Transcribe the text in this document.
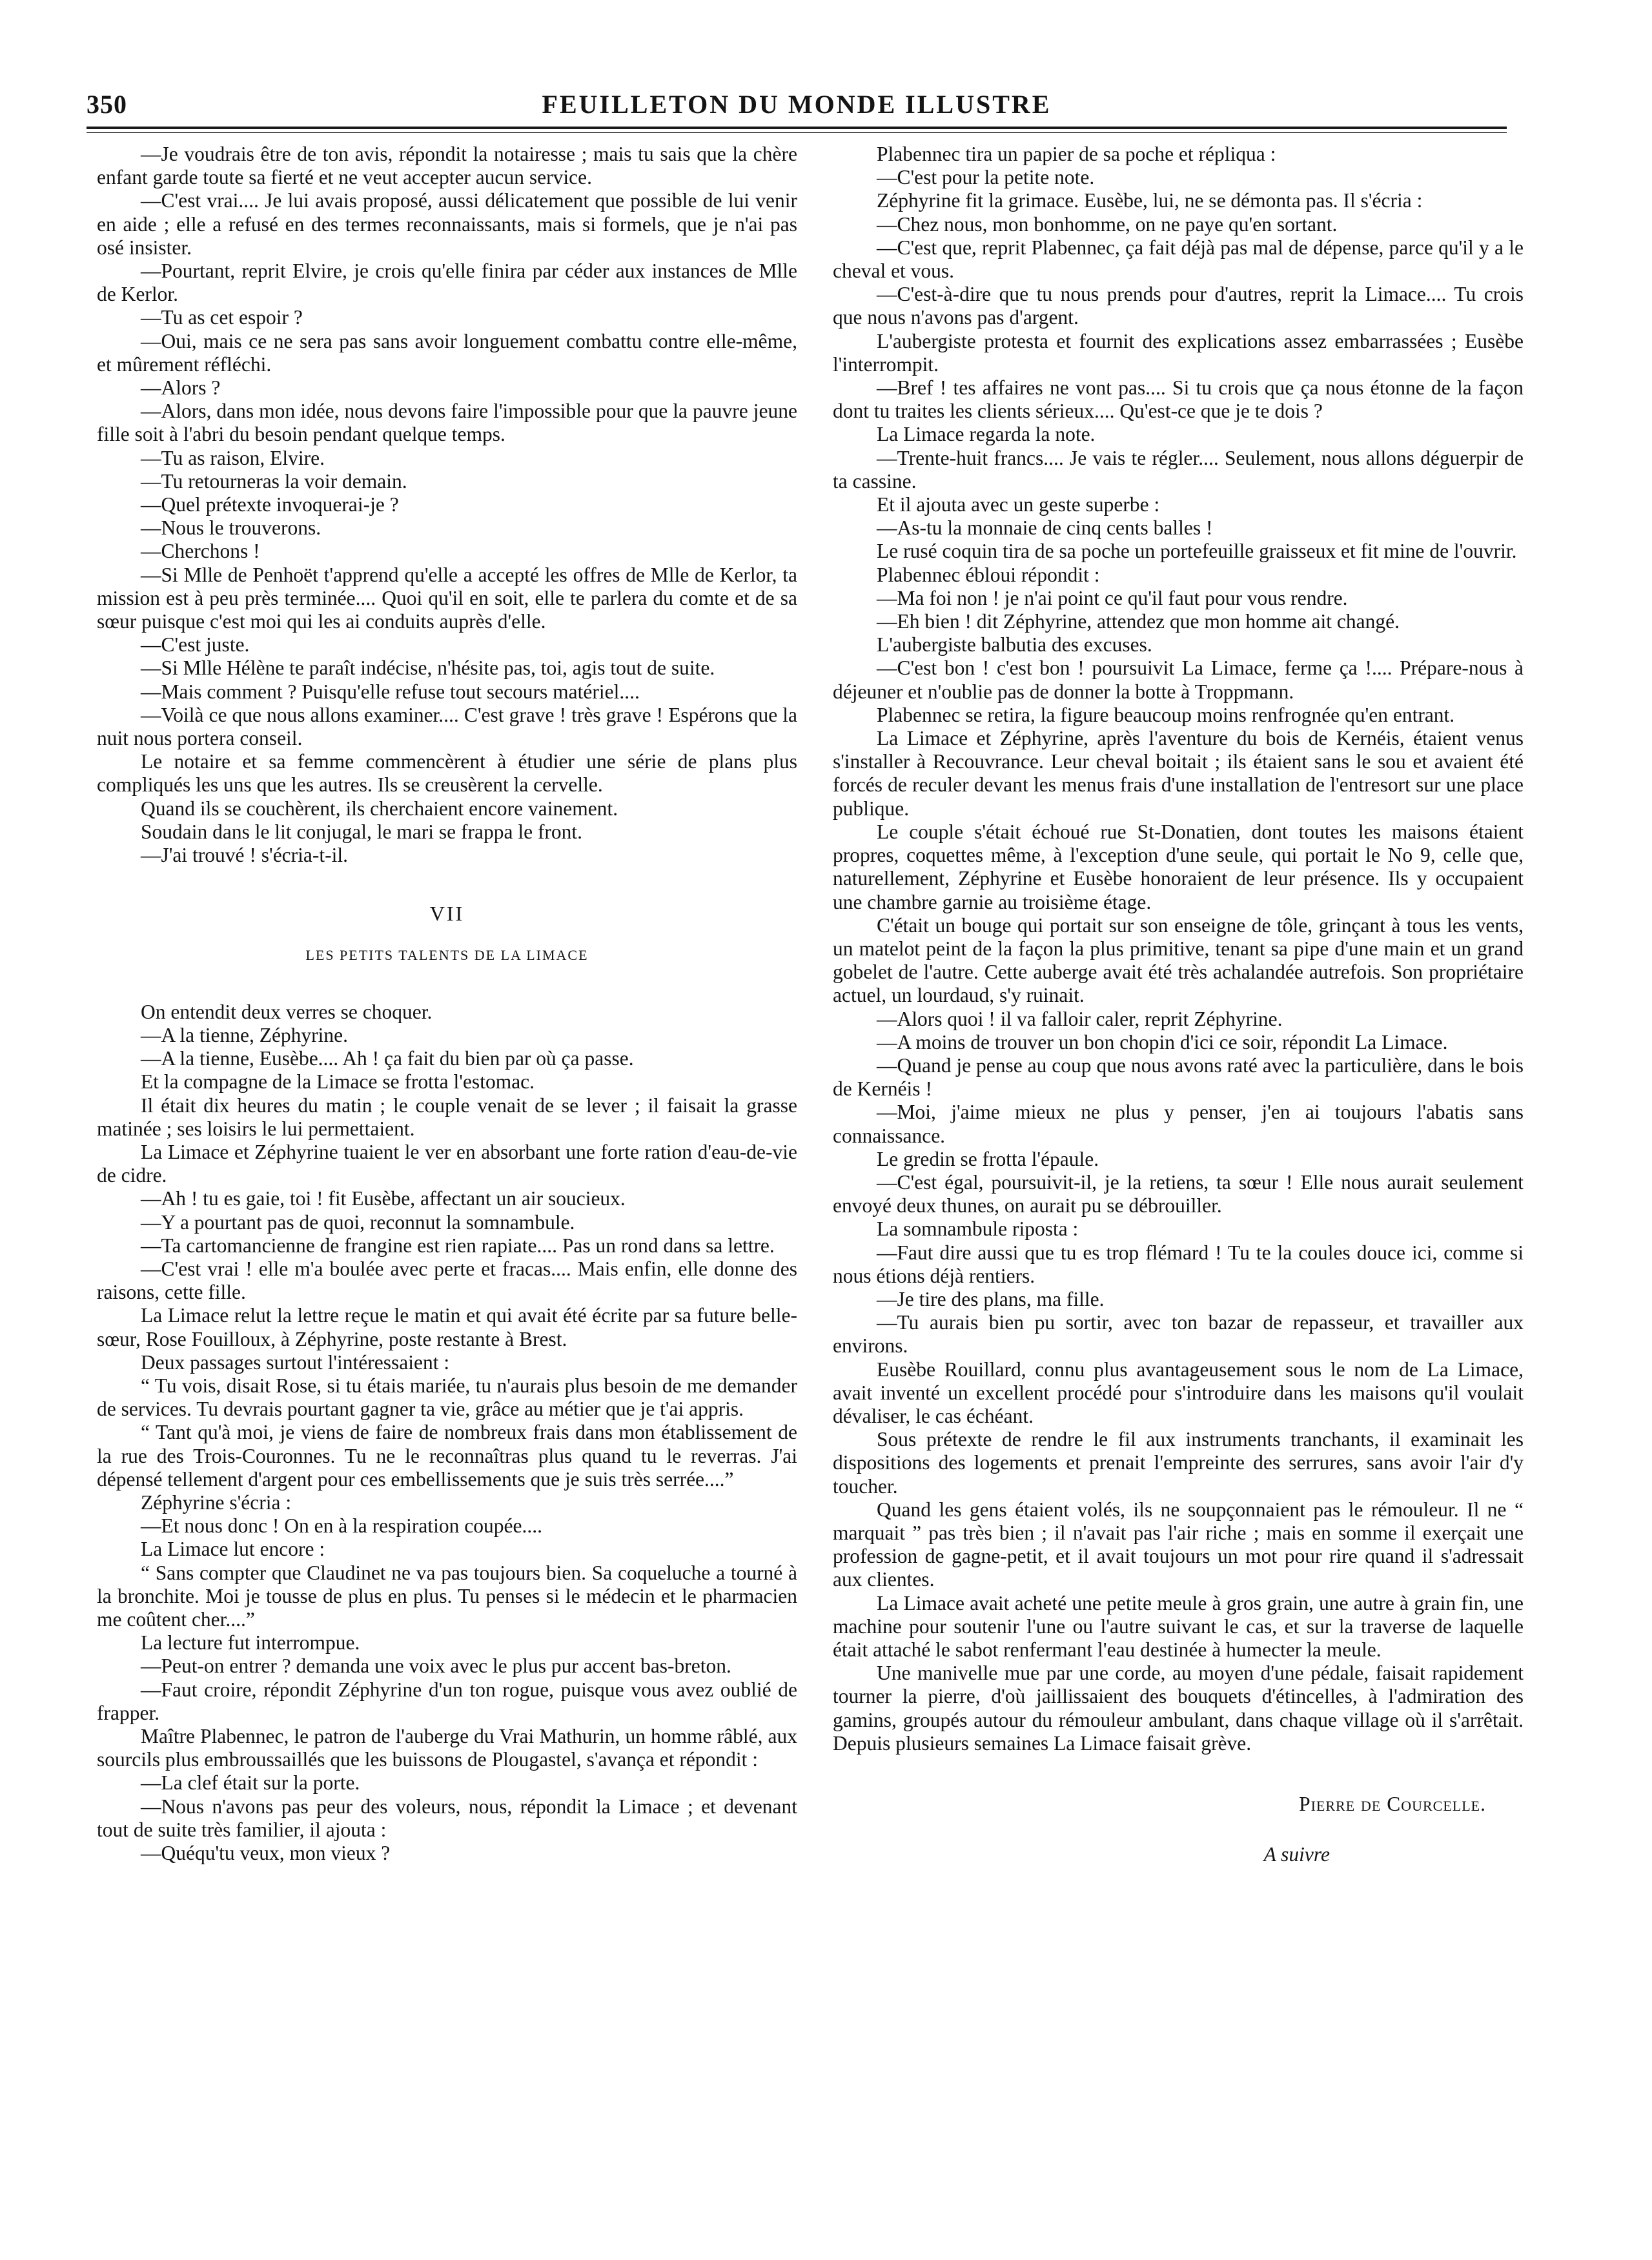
350	FEUILLETON DU MONDE ILLUSTRE

—Je voudrais être de ton avis, répondit la notairesse ; mais tu sais que la chère enfant garde toute sa fierté et ne veut accepter aucun service.

—C'est vrai.... Je lui avais proposé, aussi délicatement que possible de lui venir en aide ; elle a refusé en des termes reconnaissants, mais si formels, que je n'ai pas osé insister.

—Pourtant, reprit Elvire, je crois qu'elle finira par céder aux instances de Mlle de Kerlor.

—Tu as cet espoir ?

—Oui, mais ce ne sera pas sans avoir longuement combattu contre elle-même, et mûrement réfléchi.

—Alors ?

—Alors, dans mon idée, nous devons faire l'impossible pour que la pauvre jeune fille soit à l'abri du besoin pendant quelque temps.

—Tu as raison, Elvire.

—Tu retourneras la voir demain.

—Quel prétexte invoquerai-je ?

—Nous le trouverons.

—Cherchons !

—Si Mlle de Penhoët t'apprend qu'elle a accepté les offres de Mlle de Kerlor, ta mission est à peu près terminée.... Quoi qu'il en soit, elle te parlera du comte et de sa sœur puisque c'est moi qui les ai conduits auprès d'elle.

—C'est juste.

—Si Mlle Hélène te paraît indécise, n'hésite pas, toi, agis tout de suite.

—Mais comment ? Puisqu'elle refuse tout secours matériel....

—Voilà ce que nous allons examiner.... C'est grave ! très grave ! Espérons que la nuit nous portera conseil.

Le notaire et sa femme commencèrent à étudier une série de plans plus compliqués les uns que les autres. Ils se creusèrent la cervelle.

Quand ils se couchèrent, ils cherchaient encore vainement.

Soudain dans le lit conjugal, le mari se frappa le front.

—J'ai trouvé ! s'écria-t-il.

VII
LES PETITS TALENTS DE LA LIMACE

On entendit deux verres se choquer.

—A la tienne, Zéphyrine.

—A la tienne, Eusèbe.... Ah ! ça fait du bien par où ça passe.

Et la compagne de la Limace se frotta l'estomac.

Il était dix heures du matin ; le couple venait de se lever ; il faisait la grasse matinée ; ses loisirs le lui permettaient.

La Limace et Zéphyrine tuaient le ver en absorbant une forte ration d'eau-de-vie de cidre.

—Ah ! tu es gaie, toi ! fit Eusèbe, affectant un air soucieux.

—Y a pourtant pas de quoi, reconnut la somnambule.

—Ta cartomancienne de frangine est rien rapiate.... Pas un rond dans sa lettre.

—C'est vrai ! elle m'a boulée avec perte et fracas.... Mais enfin, elle donne des raisons, cette fille.

La Limace relut la lettre reçue le matin et qui avait été écrite par sa future belle-sœur, Rose Fouilloux, à Zéphyrine, poste restante à Brest.

Deux passages surtout l'intéressaient :

“ Tu vois, disait Rose, si tu étais mariée, tu n'aurais plus besoin de me demander de services. Tu devrais pourtant gagner ta vie, grâce au métier que je t'ai appris.

“ Tant qu'à moi, je viens de faire de nombreux frais dans mon établissement de la rue des Trois-Couronnes. Tu ne le reconnaîtras plus quand tu le reverras. J'ai dépensé tellement d'argent pour ces embellissements que je suis très serrée....”

Zéphyrine s'écria :

—Et nous donc ! On en à la respiration coupée....

La Limace lut encore :

“ Sans compter que Claudinet ne va pas toujours bien. Sa coqueluche a tourné à la bronchite. Moi je tousse de plus en plus. Tu penses si le médecin et le pharmacien me coûtent cher....”

La lecture fut interrompue.

—Peut-on entrer ? demanda une voix avec le plus pur accent bas-breton.

—Faut croire, répondit Zéphyrine d'un ton rogue, puisque vous avez oublié de frapper.

Maître Plabennec, le patron de l'auberge du Vrai Mathurin, un homme râblé, aux sourcils plus embroussaillés que les buissons de Plougastel, s'avança et répondit :

—La clef était sur la porte.

—Nous n'avons pas peur des voleurs, nous, répondit la Limace ; et devenant tout de suite très familier, il ajouta :

—Quéqu'tu veux, mon vieux ?

Plabennec tira un papier de sa poche et répliqua :

—C'est pour la petite note.

Zéphyrine fit la grimace. Eusèbe, lui, ne se démonta pas. Il s'écria :

—Chez nous, mon bonhomme, on ne paye qu'en sortant.

—C'est que, reprit Plabennec, ça fait déjà pas mal de dépense, parce qu'il y a le cheval et vous.

—C'est-à-dire que tu nous prends pour d'autres, reprit la Limace.... Tu crois que nous n'avons pas d'argent.

L'aubergiste protesta et fournit des explications assez embarrassées ; Eusèbe l'interrompit.

—Bref ! tes affaires ne vont pas.... Si tu crois que ça nous étonne de la façon dont tu traites les clients sérieux.... Qu'est-ce que je te dois ?

La Limace regarda la note.

—Trente-huit francs.... Je vais te régler.... Seulement, nous allons déguerpir de ta cassine.

Et il ajouta avec un geste superbe :

—As-tu la monnaie de cinq cents balles !

Le rusé coquin tira de sa poche un portefeuille graisseux et fit mine de l'ouvrir.

Plabennec ébloui répondit :

—Ma foi non ! je n'ai point ce qu'il faut pour vous rendre.

—Eh bien ! dit Zéphyrine, attendez que mon homme ait changé.

L'aubergiste balbutia des excuses.

—C'est bon ! c'est bon ! poursuivit La Limace, ferme ça !.... Prépare-nous à déjeuner et n'oublie pas de donner la botte à Troppmann.

Plabennec se retira, la figure beaucoup moins renfrognée qu'en entrant.

La Limace et Zéphyrine, après l'aventure du bois de Kernéis, étaient venus s'installer à Recouvrance. Leur cheval boitait ; ils étaient sans le sou et avaient été forcés de reculer devant les menus frais d'une installation de l'entresort sur une place publique.

Le couple s'était échoué rue St-Donatien, dont toutes les maisons étaient propres, coquettes même, à l'exception d'une seule, qui portait le No 9, celle que, naturellement, Zéphyrine et Eusèbe honoraient de leur présence. Ils y occupaient une chambre garnie au troisième étage.

C'était un bouge qui portait sur son enseigne de tôle, grinçant à tous les vents, un matelot peint de la façon la plus primitive, tenant sa pipe d'une main et un grand gobelet de l'autre. Cette auberge avait été très achalandée autrefois. Son propriétaire actuel, un lourdaud, s'y ruinait.

—Alors quoi ! il va falloir caler, reprit Zéphyrine.

—A moins de trouver un bon chopin d'ici ce soir, répondit La Limace.

—Quand je pense au coup que nous avons raté avec la particulière, dans le bois de Kernéis !

—Moi, j'aime mieux ne plus y penser, j'en ai toujours l'abatis sans connaissance.

Le gredin se frotta l'épaule.

—C'est égal, poursuivit-il, je la retiens, ta sœur ! Elle nous aurait seulement envoyé deux thunes, on aurait pu se débrouiller.

La somnambule riposta :

—Faut dire aussi que tu es trop flémard ! Tu te la coules douce ici, comme si nous étions déjà rentiers.

—Je tire des plans, ma fille.

—Tu aurais bien pu sortir, avec ton bazar de repasseur, et travailler aux environs.

Eusèbe Rouillard, connu plus avantageusement sous le nom de La Limace, avait inventé un excellent procédé pour s'introduire dans les maisons qu'il voulait dévaliser, le cas échéant.

Sous prétexte de rendre le fil aux instruments tranchants, il examinait les dispositions des logements et prenait l'empreinte des serrures, sans avoir l'air d'y toucher.

Quand les gens étaient volés, ils ne soupçonnaient pas le rémouleur. Il ne “ marquait ” pas très bien ; il n'avait pas l'air riche ; mais en somme il exerçait une profession de gagne-petit, et il avait toujours un mot pour rire quand il s'adressait aux clientes.

La Limace avait acheté une petite meule à gros grain, une autre à grain fin, une machine pour soutenir l'une ou l'autre suivant le cas, et sur la traverse de laquelle était attaché le sabot renfermant l'eau destinée à humecter la meule.

Une manivelle mue par une corde, au moyen d'une pédale, faisait rapidement tourner la pierre, d'où jaillissaient des bouquets d'étincelles, à l'admiration des gamins, groupés autour du rémouleur ambulant, dans chaque village où il s'arrêtait. Depuis plusieurs semaines La Limace faisait grève.

Pierre de Courcelle.
A suivre
